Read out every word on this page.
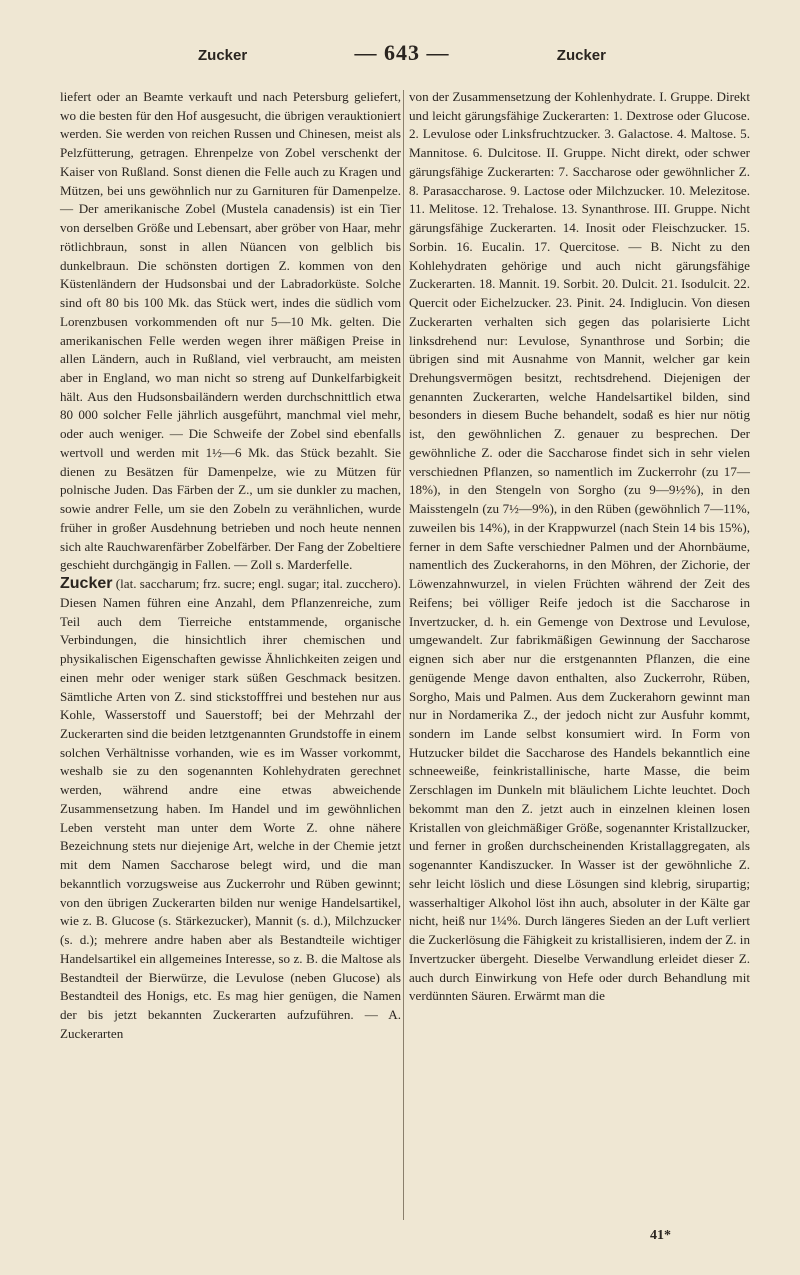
Zucker	— 643 —	Zucker

liefert oder an Beamte verkauft und nach Petersburg geliefert, wo die besten für den Hof ausgesucht, die übrigen verauktioniert werden. Sie werden von reichen Russen und Chinesen, meist als Pelzfütterung, getragen. Ehrenpelze von Zobel verschenkt der Kaiser von Rußland. Sonst dienen die Felle auch zu Kragen und Mützen, bei uns gewöhnlich nur zu Garnituren für Damenpelze. — Der amerikanische Zobel (Mustela canadensis) ist ein Tier von derselben Größe und Lebensart, aber gröber von Haar, mehr rötlichbraun, sonst in allen Nüancen von gelblich bis dunkelbraun. Die schönsten dortigen Z. kommen von den Küstenländern der Hudsonsbai und der Labradorküste. Solche sind oft 80 bis 100 Mk. das Stück wert, indes die südlich vom Lorenzbusen vorkommenden oft nur 5—10 Mk. gelten. Die amerikanischen Felle werden wegen ihrer mäßigen Preise in allen Ländern, auch in Rußland, viel verbraucht, am meisten aber in England, wo man nicht so streng auf Dunkelfarbigkeit hält. Aus den Hudsonsbailändern werden durchschnittlich etwa 80 000 solcher Felle jährlich ausgeführt, manchmal viel mehr, oder auch weniger. — Die Schweife der Zobel sind ebenfalls wertvoll und werden mit 1½—6 Mk. das Stück bezahlt. Sie dienen zu Besätzen für Damenpelze, wie zu Mützen für polnische Juden. Das Färben der Z., um sie dunkler zu machen, sowie andrer Felle, um sie den Zobeln zu verähnlichen, wurde früher in großer Ausdehnung betrieben und noch heute nennen sich alte Rauchwarenfärber Zobelfärber. Der Fang der Zobeltiere geschieht durchgängig in Fallen. — Zoll s. Marderfelle.

Zucker (lat. saccharum; frz. sucre; engl. sugar; ital. zucchero). Diesen Namen führen eine Anzahl, dem Pflanzenreiche, zum Teil auch dem Tierreiche entstammende, organische Verbindungen, die hinsichtlich ihrer chemischen und physikalischen Eigenschaften gewisse Ähnlichkeiten zeigen und einen mehr oder weniger stark süßen Geschmack besitzen. Sämtliche Arten von Z. sind stickstofffrei und bestehen nur aus Kohle, Wasserstoff und Sauerstoff; bei der Mehrzahl der Zuckerarten sind die beiden letztgenannten Grundstoffe in einem solchen Verhältnisse vorhanden, wie es im Wasser vorkommt, weshalb sie zu den sogenannten Kohlehydraten gerechnet werden, während andre eine etwas abweichende Zusammensetzung haben. Im Handel und im gewöhnlichen Leben versteht man unter dem Worte Z. ohne nähere Bezeichnung stets nur diejenige Art, welche in der Chemie jetzt mit dem Namen Saccharose belegt wird, und die man bekanntlich vorzugsweise aus Zuckerrohr und Rüben gewinnt; von den übrigen Zuckerarten bilden nur wenige Handelsartikel, wie z. B. Glucose (s. Stärkezucker), Mannit (s. d.), Milchzucker (s. d.); mehrere andre haben aber als Bestandteile wichtiger Handelsartikel ein allgemeines Interesse, so z. B. die Maltose als Bestandteil der Bierwürze, die Levulose (neben Glucose) als Bestandteil des Honigs, etc. Es mag hier genügen, die Namen der bis jetzt bekannten Zuckerarten aufzuführen. — A. Zuckerarten

von der Zusammensetzung der Kohlenhydrate. I. Gruppe. Direkt und leicht gärungsfähige Zuckerarten: 1. Dextrose oder Glucose. 2. Levulose oder Linksfruchtzucker. 3. Galactose. 4. Maltose. 5. Mannitose. 6. Dulcitose. II. Gruppe. Nicht direkt, oder schwer gärungsfähige Zuckerarten: 7. Saccharose oder gewöhnlicher Z. 8. Parasaccharose. 9. Lactose oder Milchzucker. 10. Melezitose. 11. Melitose. 12. Trehalose. 13. Synanthrose. III. Gruppe. Nicht gärungsfähige Zuckerarten. 14. Inosit oder Fleischzucker. 15. Sorbin. 16. Eucalin. 17. Quercitose. — B. Nicht zu den Kohlehydraten gehörige und auch nicht gärungsfähige Zuckerarten. 18. Mannit. 19. Sorbit. 20. Dulcit. 21. Isodulcit. 22. Quercit oder Eichelzucker. 23. Pinit. 24. Indiglucin. Von diesen Zuckerarten verhalten sich gegen das polarisierte Licht linksdrehend nur: Levulose, Synanthrose und Sorbin; die übrigen sind mit Ausnahme von Mannit, welcher gar kein Drehungsvermögen besitzt, rechtsdrehend. Diejenigen der genannten Zuckerarten, welche Handelsartikel bilden, sind besonders in diesem Buche behandelt, sodaß es hier nur nötig ist, den gewöhnlichen Z. genauer zu besprechen. Der gewöhnliche Z. oder die Saccharose findet sich in sehr vielen verschiednen Pflanzen, so namentlich im Zuckerrohr (zu 17—18%), in den Stengeln von Sorgho (zu 9—9½%), in den Maisstengeln (zu 7½—9%), in den Rüben (gewöhnlich 7—11%, zuweilen bis 14%), in der Krappwurzel (nach Stein 14 bis 15%), ferner in dem Safte verschiedner Palmen und der Ahornbäume, namentlich des Zuckerahorns, in den Möhren, der Zichorie, der Löwenzahnwurzel, in vielen Früchten während der Zeit des Reifens; bei völliger Reife jedoch ist die Saccharose in Invertzucker, d. h. ein Gemenge von Dextrose und Levulose, umgewandelt. Zur fabrikmäßigen Gewinnung der Saccharose eignen sich aber nur die erstgenannten Pflanzen, die eine genügende Menge davon enthalten, also Zuckerrohr, Rüben, Sorgho, Mais und Palmen. Aus dem Zuckerahorn gewinnt man nur in Nordamerika Z., der jedoch nicht zur Ausfuhr kommt, sondern im Lande selbst konsumiert wird. In Form von Hutzucker bildet die Saccharose des Handels bekanntlich eine schneeweiße, feinkristallinische, harte Masse, die beim Zerschlagen im Dunkeln mit bläulichem Lichte leuchtet. Doch bekommt man den Z. jetzt auch in einzelnen kleinen losen Kristallen von gleichmäßiger Größe, sogenannter Kristallzucker, und ferner in großen durchscheinenden Kristallaggregaten, als sogenannter Kandiszucker. In Wasser ist der gewöhnliche Z. sehr leicht löslich und diese Lösungen sind klebrig, sirupartig; wasserhaltiger Alkohol löst ihn auch, absoluter in der Kälte gar nicht, heiß nur 1¼%. Durch längeres Sieden an der Luft verliert die Zuckerlösung die Fähigkeit zu kristallisieren, indem der Z. in Invertzucker übergeht. Dieselbe Verwandlung erleidet dieser Z. auch durch Einwirkung von Hefe oder durch Behandlung mit verdünnten Säuren. Erwärmt man die

41*
